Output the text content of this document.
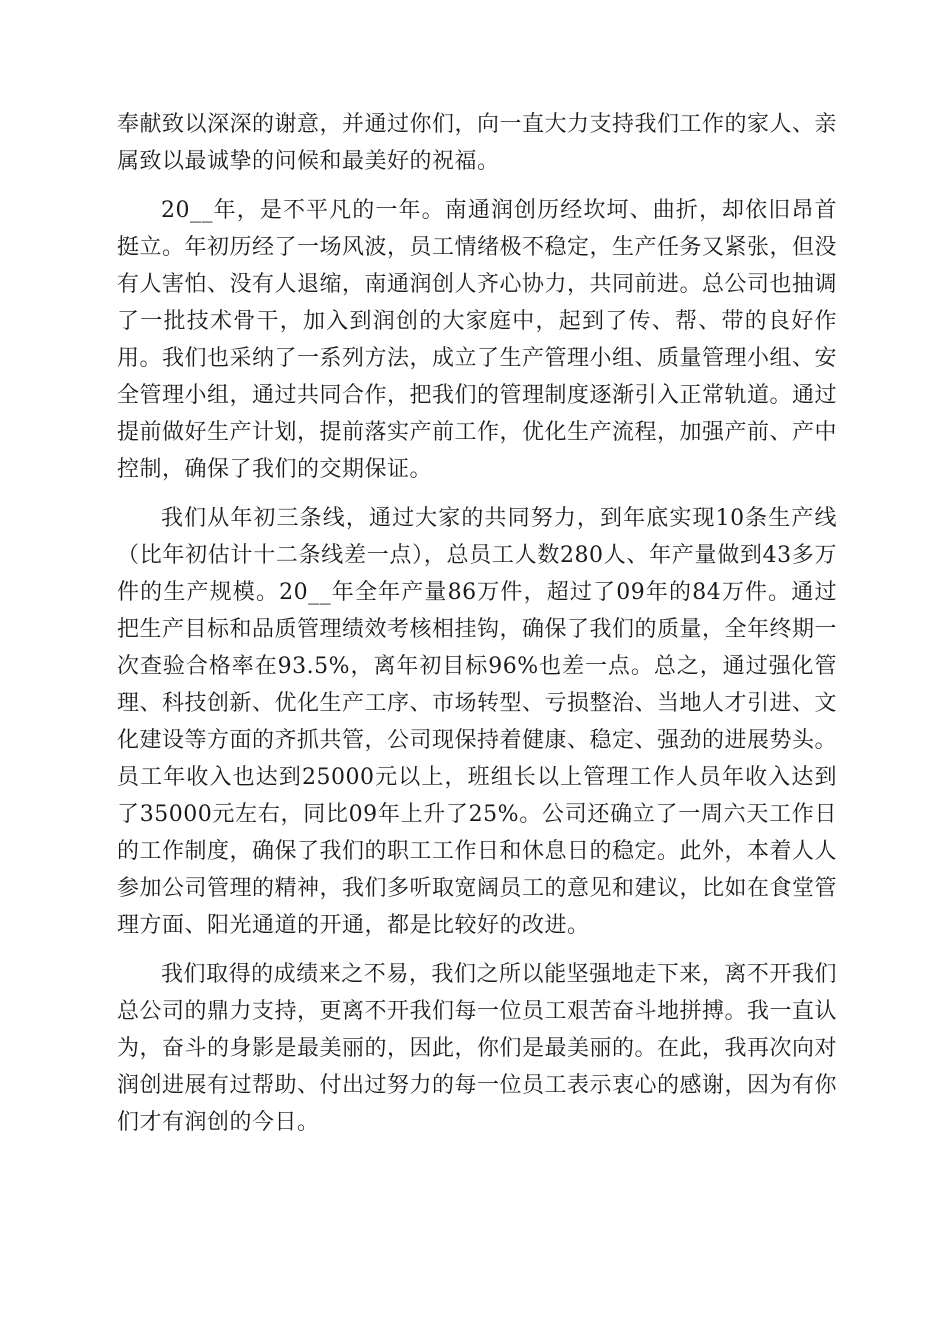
奉献致以深深的谢意，并通过你们，向一直大力支持我们工作的家人、亲属致以最诚挚的问候和最美好的祝福。

20__年，是不平凡的一年。南通润创历经坎坷、曲折，却依旧昂首挺立。年初历经了一场风波，员工情绪极不稳定，生产任务又紧张，但没有人害怕、没有人退缩，南通润创人齐心协力，共同前进。总公司也抽调了一批技术骨干，加入到润创的大家庭中，起到了传、帮、带的良好作用。我们也采纳了一系列方法，成立了生产管理小组、质量管理小组、安全管理小组，通过共同合作，把我们的管理制度逐渐引入正常轨道。通过提前做好生产计划，提前落实产前工作，优化生产流程，加强产前、产中控制，确保了我们的交期保证。

我们从年初三条线，通过大家的共同努力，到年底实现10条生产线（比年初估计十二条线差一点），总员工人数280人、年产量做到43多万件的生产规模。20__年全年产量86万件，超过了09年的84万件。通过把生产目标和品质管理绩效考核相挂钩，确保了我们的质量，全年终期一次查验合格率在93.5%，离年初目标96%也差一点。总之，通过强化管理、科技创新、优化生产工序、市场转型、亏损整治、当地人才引进、文化建设等方面的齐抓共管，公司现保持着健康、稳定、强劲的进展势头。员工年收入也达到25000元以上，班组长以上管理工作人员年收入达到了35000元左右，同比09年上升了25%。公司还确立了一周六天工作日的工作制度，确保了我们的职工工作日和休息日的稳定。此外，本着人人参加公司管理的精神，我们多听取宽阔员工的意见和建议，比如在食堂管理方面、阳光通道的开通，都是比较好的改进。

我们取得的成绩来之不易，我们之所以能坚强地走下来，离不开我们总公司的鼎力支持，更离不开我们每一位员工艰苦奋斗地拼搏。我一直认为，奋斗的身影是最美丽的，因此，你们是最美丽的。在此，我再次向对润创进展有过帮助、付出过努力的每一位员工表示衷心的感谢，因为有你们才有润创的今日。
